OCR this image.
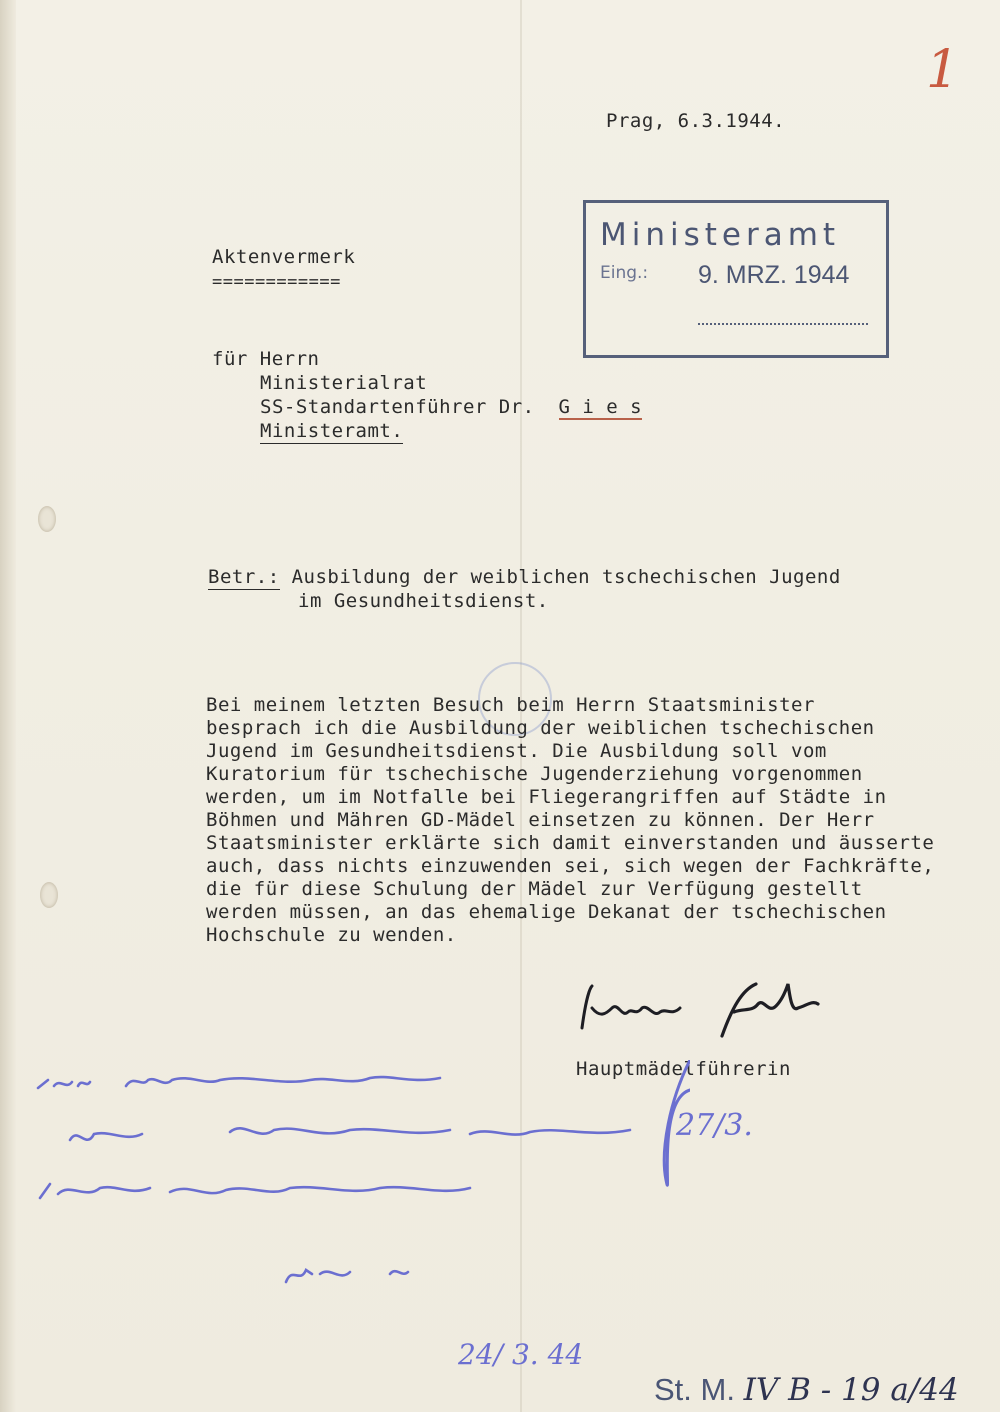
1
Prag, 6.3.1944.
Ministeramt
Eing.: 9. MRZ. 1944
Aktenvermerk
============
für Herrn
Ministerialrat
SS-Standartenführer Dr. G i e s
Ministeramt.
Betr.: Ausbildung der weiblichen tschechischen Jugend
im Gesundheitsdienst.
Bei meinem letzten Besuch beim Herrn Staatsminister
besprach ich die Ausbildung der weiblichen tschechischen
Jugend im Gesundheitsdienst. Die Ausbildung soll vom
Kuratorium für tschechische Jugenderziehung vorgenommen
werden, um im Notfalle bei Fliegerangriffen auf Städte in
Böhmen und Mähren GD-Mädel einsetzen zu können. Der Herr
Staatsminister erklärte sich damit einverstanden und äusserte
auch, dass nichts einzuwenden sei, sich wegen der Fachkräfte,
die für diese Schulung der Mädel zur Verfügung gestellt
werden müssen, an das ehemalige Dekanat der tschechischen
Hochschule zu wenden.
Hauptmädelführerin
27/3.
24/ 3. 44
St. M. IV B - 19 a/44
